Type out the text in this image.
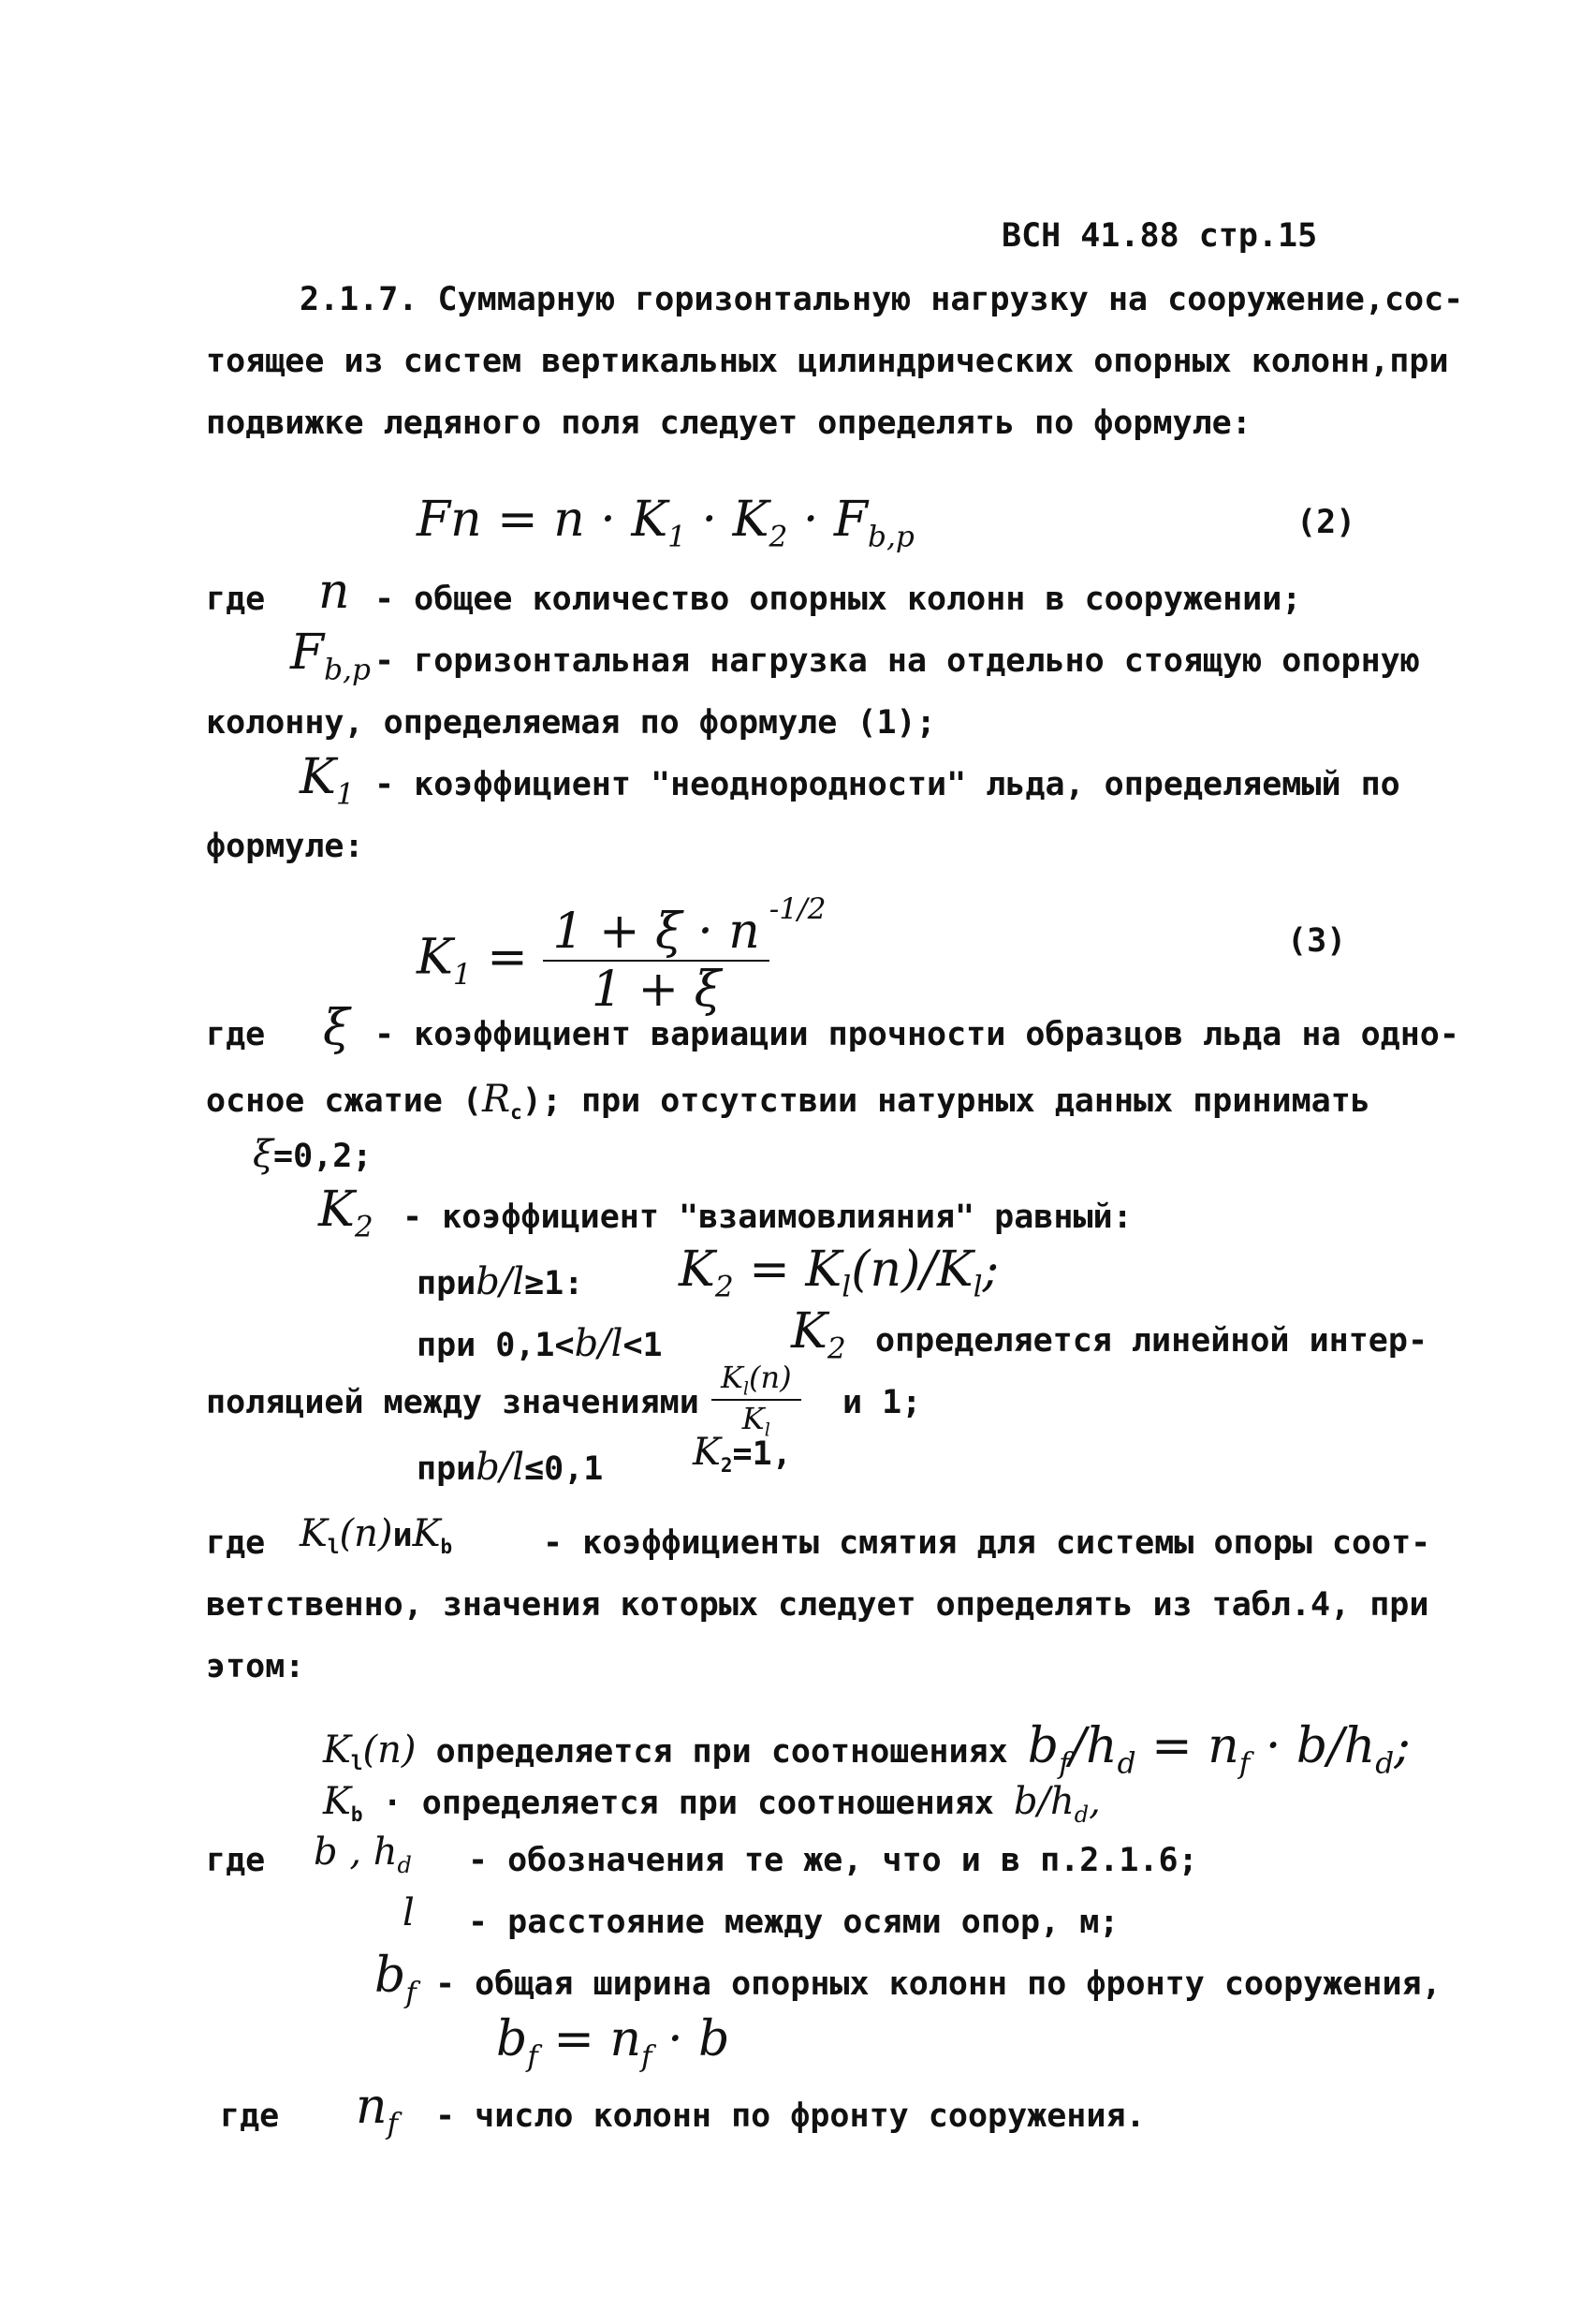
ВСН 41.88 стр.15
2.1.7. Суммарную горизонтальную нагрузку на сооружение,сос-
тоящее из систем вертикальных цилиндрических опорных колонн,при
подвижке ледяного поля следует определять по формуле:
$Fn = n \cdot K_1 \cdot K_2 \cdot F_{b,p}$	(2)
где n - общее количество опорных колонн в сооружении;
$F_{b,p}$ - горизонтальная нагрузка на отдельно стоящую опорную
колонну, определяемая по формуле (1);
$K_1$ - коэффициент "неоднородности" льда, определяемый по
формуле:
$K_1 = \frac{1 + \xi \cdot n}{1 + \xi} ^{-1/2}$
(3)
где ξ - коэффициент вариации прочности образцов льда на одно-
осное сжатие $(R_c)$; при отсутствии натурных данных принимать
ξ=0,2;
$K_2$ - коэффициент "взаимовлияния" равный:
приb/l≥1: $K_2 = K_l(n)/K_l$;
при 0,1<b/l<1	$K_2$ определяется линейной интер-
поляцией между значениями $\frac{K_l(n)}{K_l}$ и 1;
приb/l≤0,1 $K_2=1$,
где $K_l(n)иK_b$	- коэффициенты смятия для системы опоры соот-
ветственно, значения которых следует определять из табл.4, при
этом:
$K_l(n)$ определяется при соотношениях $b_f/h_d = n_f \cdot b/h_d$;
$K_b$ · определяется при соотношениях $b/h_d$,
где b , $h_d$ - обозначения те же, что и в п.2.1.6;
l - расстояние между осями опор, м;
$b_f$ - общая ширина опорных колонн по фронту сооружения,
$b_f = n_f \cdot b$
где $n_f$ - число колонн по фронту сооружения.
